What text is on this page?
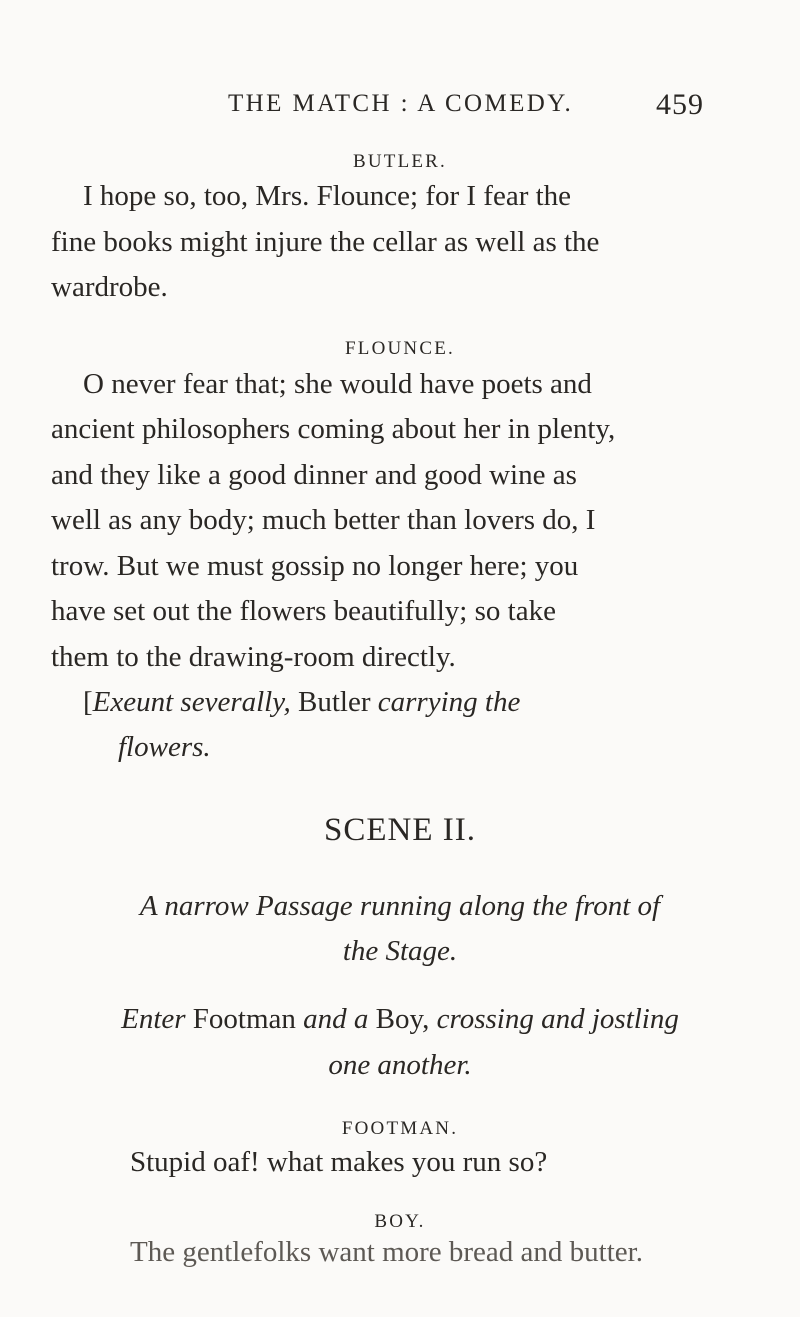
THE MATCH : A COMEDY.	459
BUTLER.
I hope so, too, Mrs. Flounce; for I fear the
fine books might injure the cellar as well as the
wardrobe.
FLOUNCE.
O never fear that; she would have poets and
ancient philosophers coming about her in plenty,
and they like a good dinner and good wine as
well as any body; much better than lovers do, I
trow. But we must gossip no longer here; you
have set out the flowers beautifully; so take
them to the drawing-room directly.
[Exeunt severally, Butler carrying the
flowers.
SCENE II.
A narrow Passage running along the front of
the Stage.
Enter Footman and a Boy, crossing and jostling
one another.
FOOTMAN.
Stupid oaf! what makes you run so?
BOY.
The gentlefolks want more bread and butter.
